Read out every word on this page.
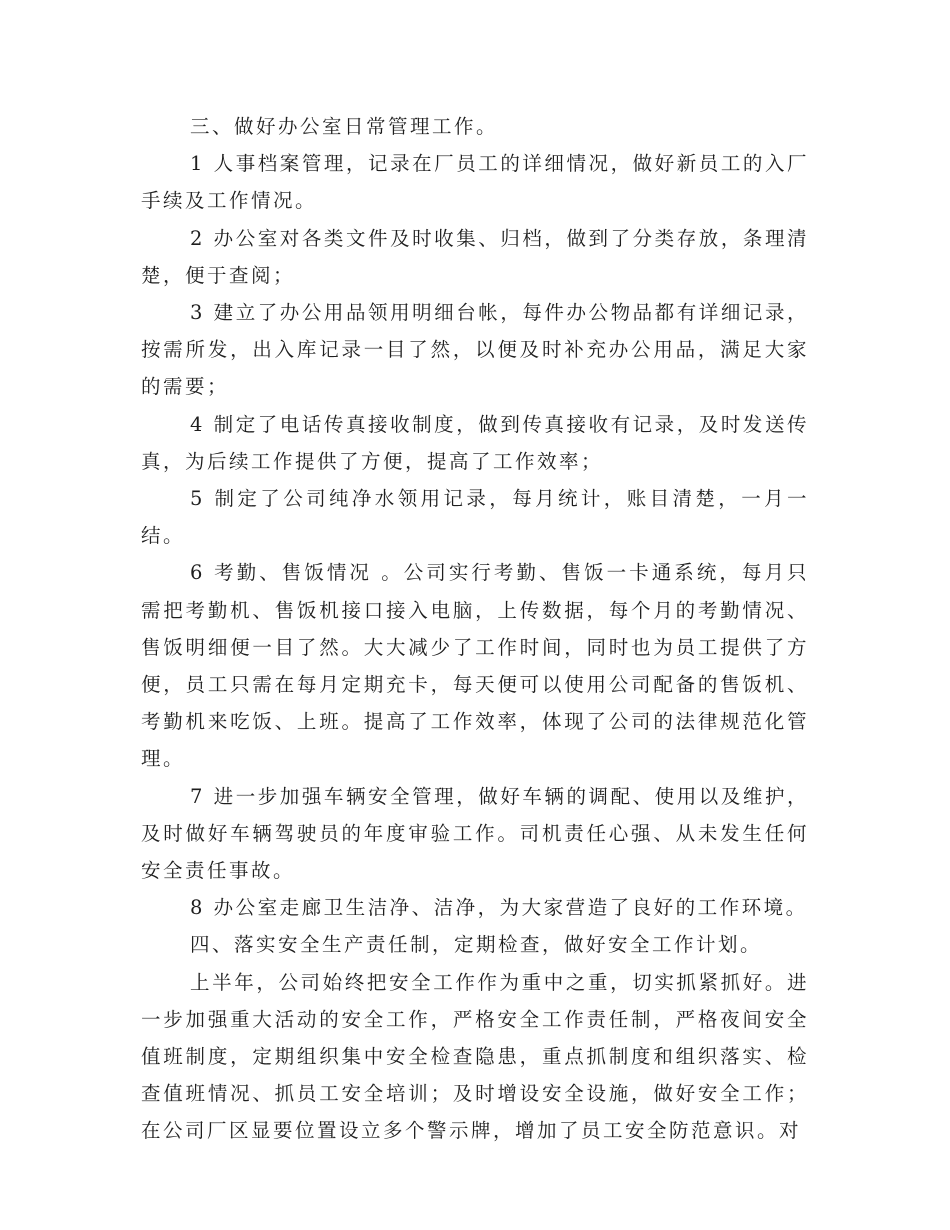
三、做好办公室日常管理工作。

1 人事档案管理，记录在厂员工的详细情况，做好新员工的入厂手续及工作情况。

2 办公室对各类文件及时收集、归档，做到了分类存放，条理清楚，便于查阅；

3 建立了办公用品领用明细台帐，每件办公物品都有详细记录，按需所发，出入库记录一目了然，以便及时补充办公用品，满足大家的需要；

4 制定了电话传真接收制度，做到传真接收有记录，及时发送传真，为后续工作提供了方便，提高了工作效率；

5 制定了公司纯净水领用记录，每月统计，账目清楚，一月一结。

6 考勤、售饭情况 。公司实行考勤、售饭一卡通系统，每月只需把考勤机、售饭机接口接入电脑，上传数据，每个月的考勤情况、售饭明细便一目了然。大大减少了工作时间，同时也为员工提供了方便，员工只需在每月定期充卡，每天便可以使用公司配备的售饭机、考勤机来吃饭、上班。提高了工作效率，体现了公司的法律规范化管理。

7 进一步加强车辆安全管理，做好车辆的调配、使用以及维护，及时做好车辆驾驶员的年度审验工作。司机责任心强、从未发生任何安全责任事故。

8 办公室走廊卫生洁净、洁净，为大家营造了良好的工作环境。

四、落实安全生产责任制，定期检查，做好安全工作计划。

上半年，公司始终把安全工作作为重中之重，切实抓紧抓好。进一步加强重大活动的安全工作，严格安全工作责任制，严格夜间安全值班制度，定期组织集中安全检查隐患，重点抓制度和组织落实、检查值班情况、抓员工安全培训；及时增设安全设施，做好安全工作；在公司厂区显要位置设立多个警示牌，增加了员工安全防范意识。对
